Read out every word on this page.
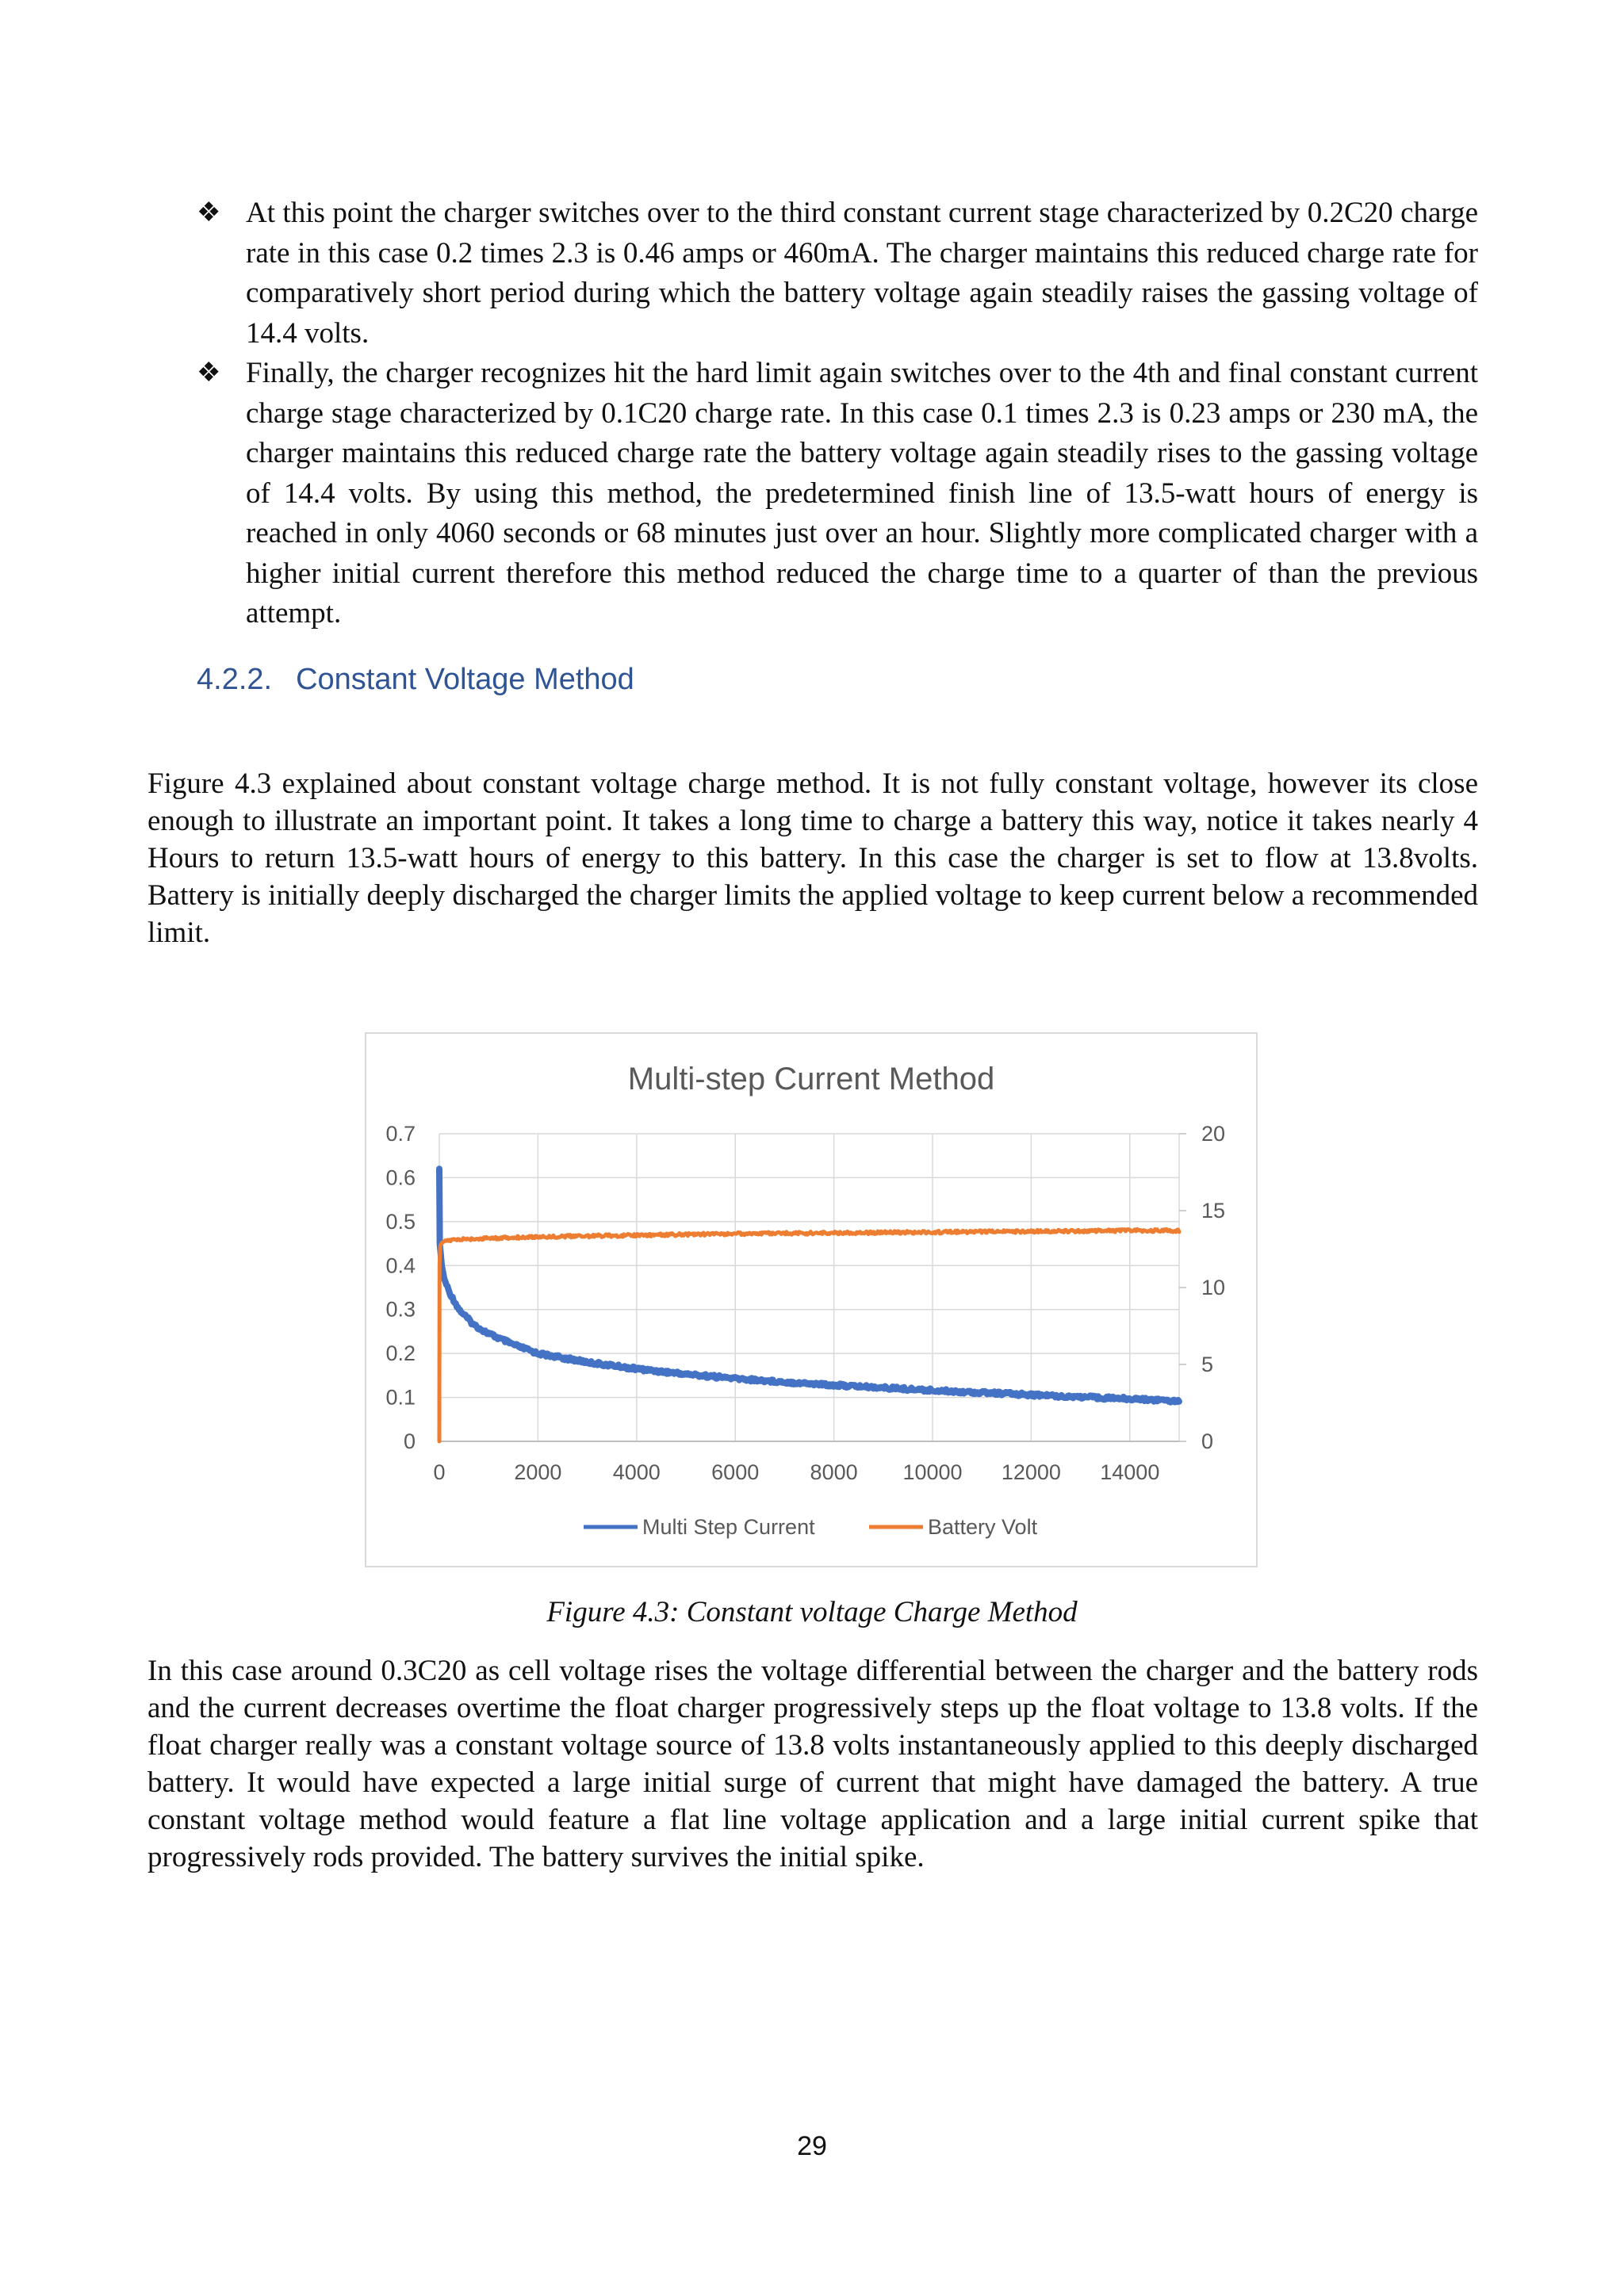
❖ At this point the charger switches over to the third constant current stage characterized by 0.2C20 charge rate in this case 0.2 times 2.3 is 0.46 amps or 460mA. The charger maintains this reduced charge rate for comparatively short period during which the battery voltage again steadily raises the gassing voltage of 14.4 volts.
❖ Finally, the charger recognizes hit the hard limit again switches over to the 4th and final constant current charge stage characterized by 0.1C20 charge rate. In this case 0.1 times 2.3 is 0.23 amps or 230 mA, the charger maintains this reduced charge rate the battery voltage again steadily rises to the gassing voltage of 14.4 volts. By using this method, the predetermined finish line of 13.5-watt hours of energy is reached in only 4060 seconds or 68 minutes just over an hour. Slightly more complicated charger with a higher initial current therefore this method reduced the charge time to a quarter of than the previous attempt.
4.2.2. Constant Voltage Method
Figure 4.3 explained about constant voltage charge method. It is not fully constant voltage, however its close enough to illustrate an important point. It takes a long time to charge a battery this way, notice it takes nearly 4 Hours to return 13.5-watt hours of energy to this battery. In this case the charger is set to flow at 13.8volts. Battery is initially deeply discharged the charger limits the applied voltage to keep current below a recommended limit.
Multi-step Current Method
0	2000 4000 6000 8000 10000 12000 14000
0
0.1
0.2
0.3
0.4
0.5
0.6
0.7
0
5
10
15
20
Multi Step Current	Battery Volt
Figure 4.3: Constant voltage Charge Method
In this case around 0.3C20 as cell voltage rises the voltage differential between the charger and the battery rods and the current decreases overtime the float charger progressively steps up the float voltage to 13.8 volts. If the float charger really was a constant voltage source of 13.8 volts instantaneously applied to this deeply discharged battery. It would have expected a large initial surge of current that might have damaged the battery. A true constant voltage method would feature a flat line voltage application and a large initial current spike that progressively rods provided. The battery survives the initial spike.
29
